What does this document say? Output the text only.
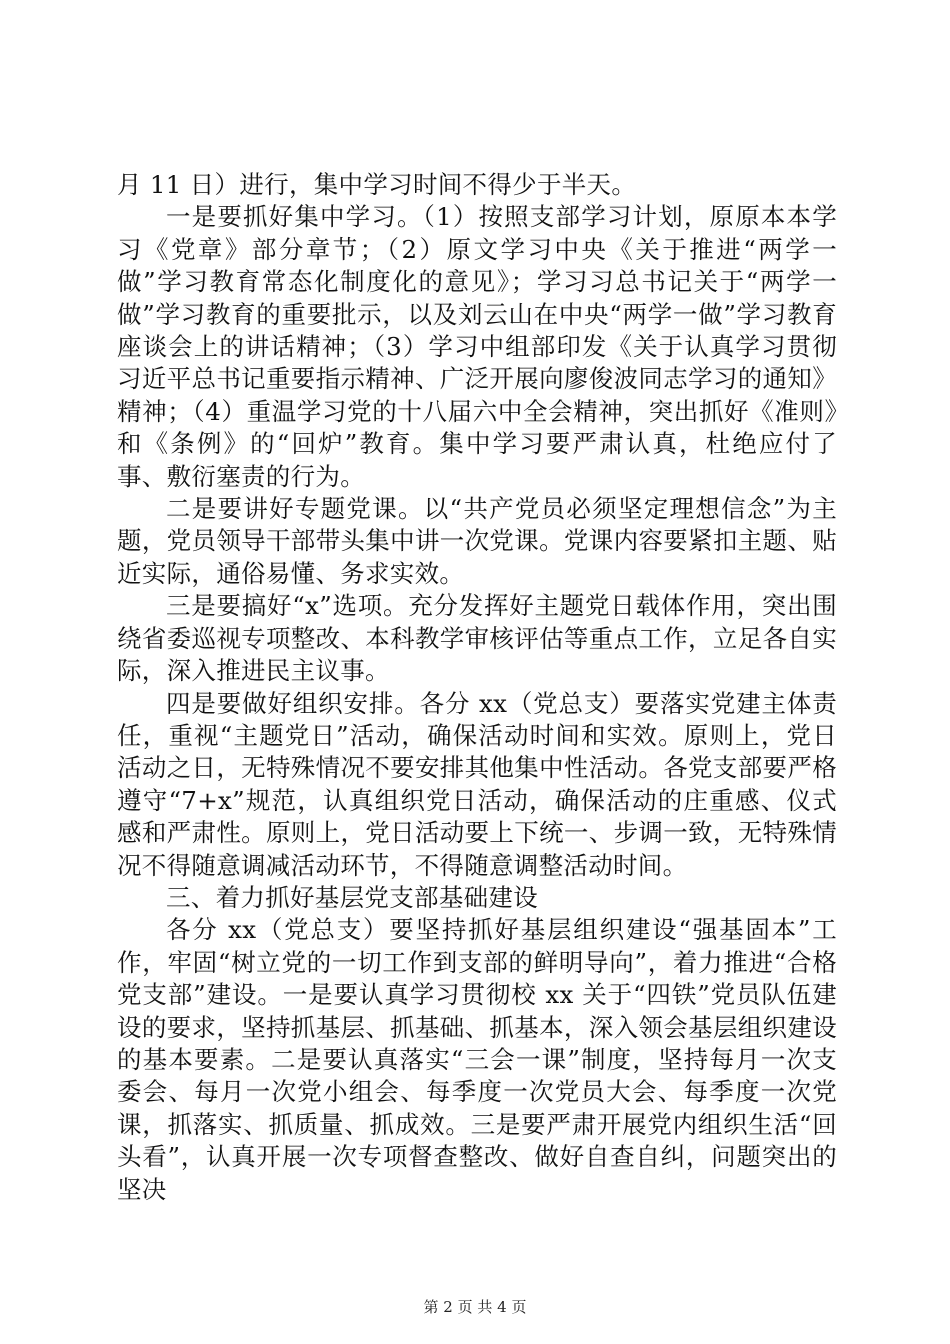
月 11 日）进行，集中学习时间不得少于半天。

一是要抓好集中学习。（1）按照支部学习计划，原原本本学习《党章》部分章节；（2）原文学习中央《关于推进“两学一做”学习教育常态化制度化的意见》；学习习总书记关于“两学一做”学习教育的重要批示，以及刘云山在中央“两学一做”学习教育座谈会上的讲话精神；（3）学习中组部印发《关于认真学习贯彻习近平总书记重要指示精神、广泛开展向廖俊波同志学习的通知》精神；（4）重温学习党的十八届六中全会精神，突出抓好《准则》和《条例》的“回炉”教育。集中学习要严肃认真，杜绝应付了事、敷衍塞责的行为。

二是要讲好专题党课。以“共产党员必须坚定理想信念”为主题，党员领导干部带头集中讲一次党课。党课内容要紧扣主题、贴近实际，通俗易懂、务求实效。

三是要搞好“x”选项。充分发挥好主题党日载体作用，突出围绕省委巡视专项整改、本科教学审核评估等重点工作，立足各自实际，深入推进民主议事。

四是要做好组织安排。各分 xx（党总支）要落实党建主体责任，重视“主题党日”活动，确保活动时间和实效。原则上，党日活动之日，无特殊情况不要安排其他集中性活动。各党支部要严格遵守“7+x”规范，认真组织党日活动，确保活动的庄重感、仪式感和严肃性。原则上，党日活动要上下统一、步调一致，无特殊情况不得随意调减活动环节，不得随意调整活动时间。

三、着力抓好基层党支部基础建设

各分 xx（党总支）要坚持抓好基层组织建设“强基固本”工作，牢固“树立党的一切工作到支部的鲜明导向”，着力推进“合格党支部”建设。一是要认真学习贯彻校 xx 关于“四铁”党员队伍建设的要求，坚持抓基层、抓基础、抓基本，深入领会基层组织建设的基本要素。二是要认真落实“三会一课”制度，坚持每月一次支委会、每月一次党小组会、每季度一次党员大会、每季度一次党课，抓落实、抓质量、抓成效。三是要严肃开展党内组织生活“回头看”，认真开展一次专项督查整改、做好自查自纠，问题突出的坚决

第 2 页 共 4 页
